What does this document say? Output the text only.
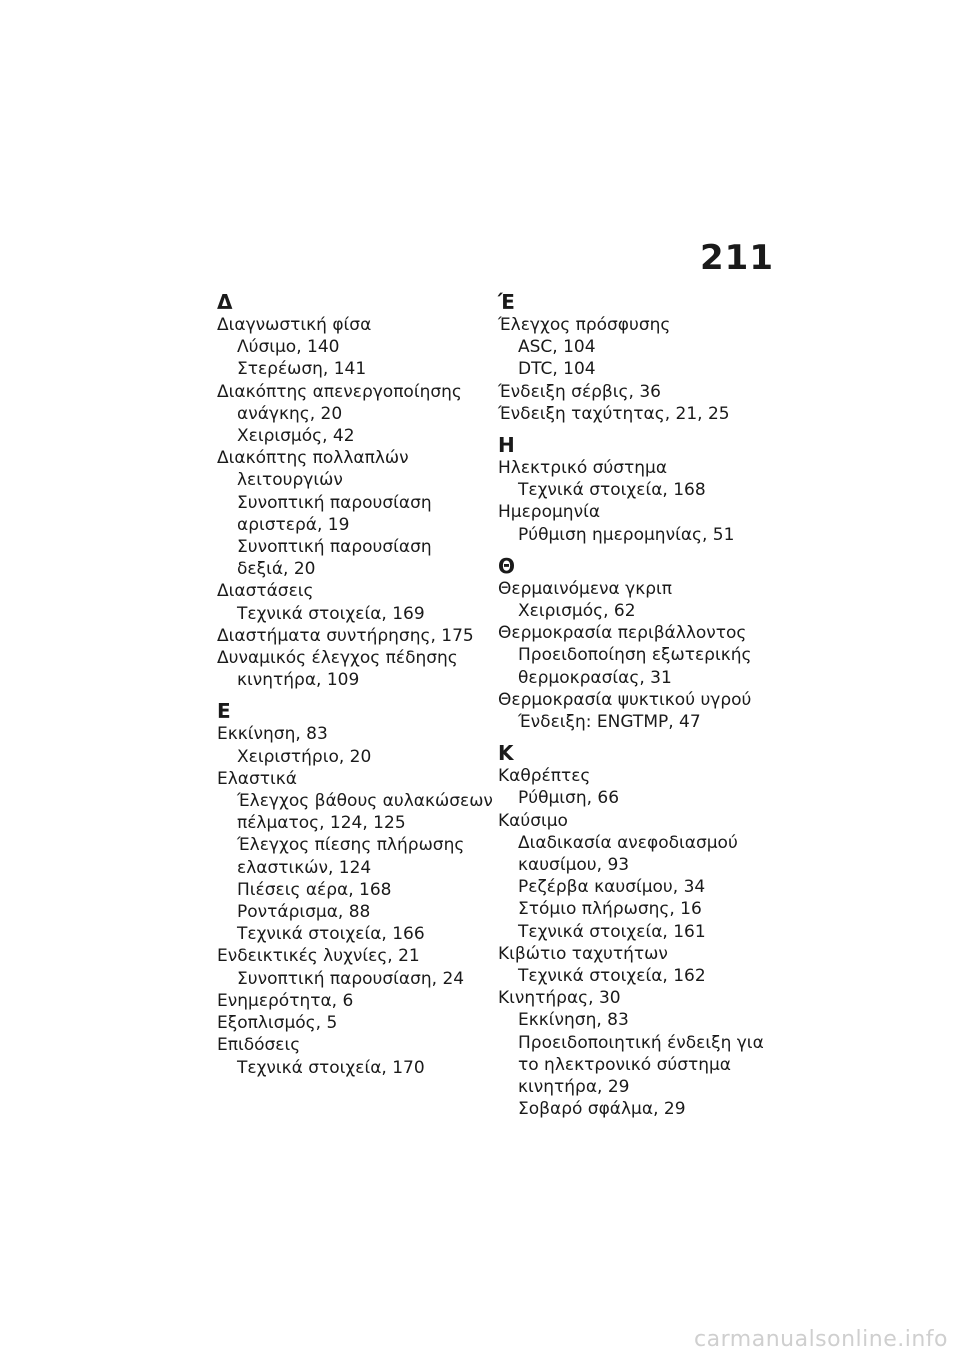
211
Δ
Διαγνωστική φίσα
Λύσιμο, 140
Στερέωση, 141
Διακόπτης απενεργοποίησης
ανάγκης, 20
Χειρισμός, 42
Διακόπτης πολλαπλών
λειτουργιών
Συνοπτική παρουσίαση
αριστερά, 19
Συνοπτική παρουσίαση
δεξιά, 20
Διαστάσεις
Τεχνικά στοιχεία, 169
Διαστήματα συντήρησης, 175
Δυναμικός έλεγχος πέδησης
κινητήρα, 109
Ε
Εκκίνηση, 83
Χειριστήριο, 20
Ελαστικά
Έλεγχος βάθους αυλακώσεων
πέλματος, 124, 125
Έλεγχος πίεσης πλήρωσης
ελαστικών, 124
Πιέσεις αέρα, 168
Ροντάρισμα, 88
Τεχνικά στοιχεία, 166
Ενδεικτικές λυχνίες, 21
Συνοπτική παρουσίαση, 24
Ενημερότητα, 6
Εξοπλισμός, 5
Επιδόσεις
Τεχνικά στοιχεία, 170
Έ
Έλεγχος πρόσφυσης
ASC, 104
DTC, 104
Ένδειξη σέρβις, 36
Ένδειξη ταχύτητας, 21, 25
Η
Ηλεκτρικό σύστημα
Τεχνικά στοιχεία, 168
Ημερομηνία
Ρύθμιση ημερομηνίας, 51
Θ
Θερμαινόμενα γκριπ
Χειρισμός, 62
Θερμοκρασία περιβάλλοντος
Προειδοποίηση εξωτερικής
θερμοκρασίας, 31
Θερμοκρασία ψυκτικού υγρού
Ένδειξη: ENGTMP, 47
Κ
Καθρέπτες
Ρύθμιση, 66
Καύσιμο
Διαδικασία ανεφοδιασμού
καυσίμου, 93
Ρεζέρβα καυσίμου, 34
Στόμιο πλήρωσης, 16
Τεχνικά στοιχεία, 161
Κιβώτιο ταχυτήτων
Τεχνικά στοιχεία, 162
Κινητήρας, 30
Εκκίνηση, 83
Προειδοποιητική ένδειξη για
το ηλεκτρονικό σύστημα
κινητήρα, 29
Σοβαρό σφάλμα, 29
carmanualsonline.info
